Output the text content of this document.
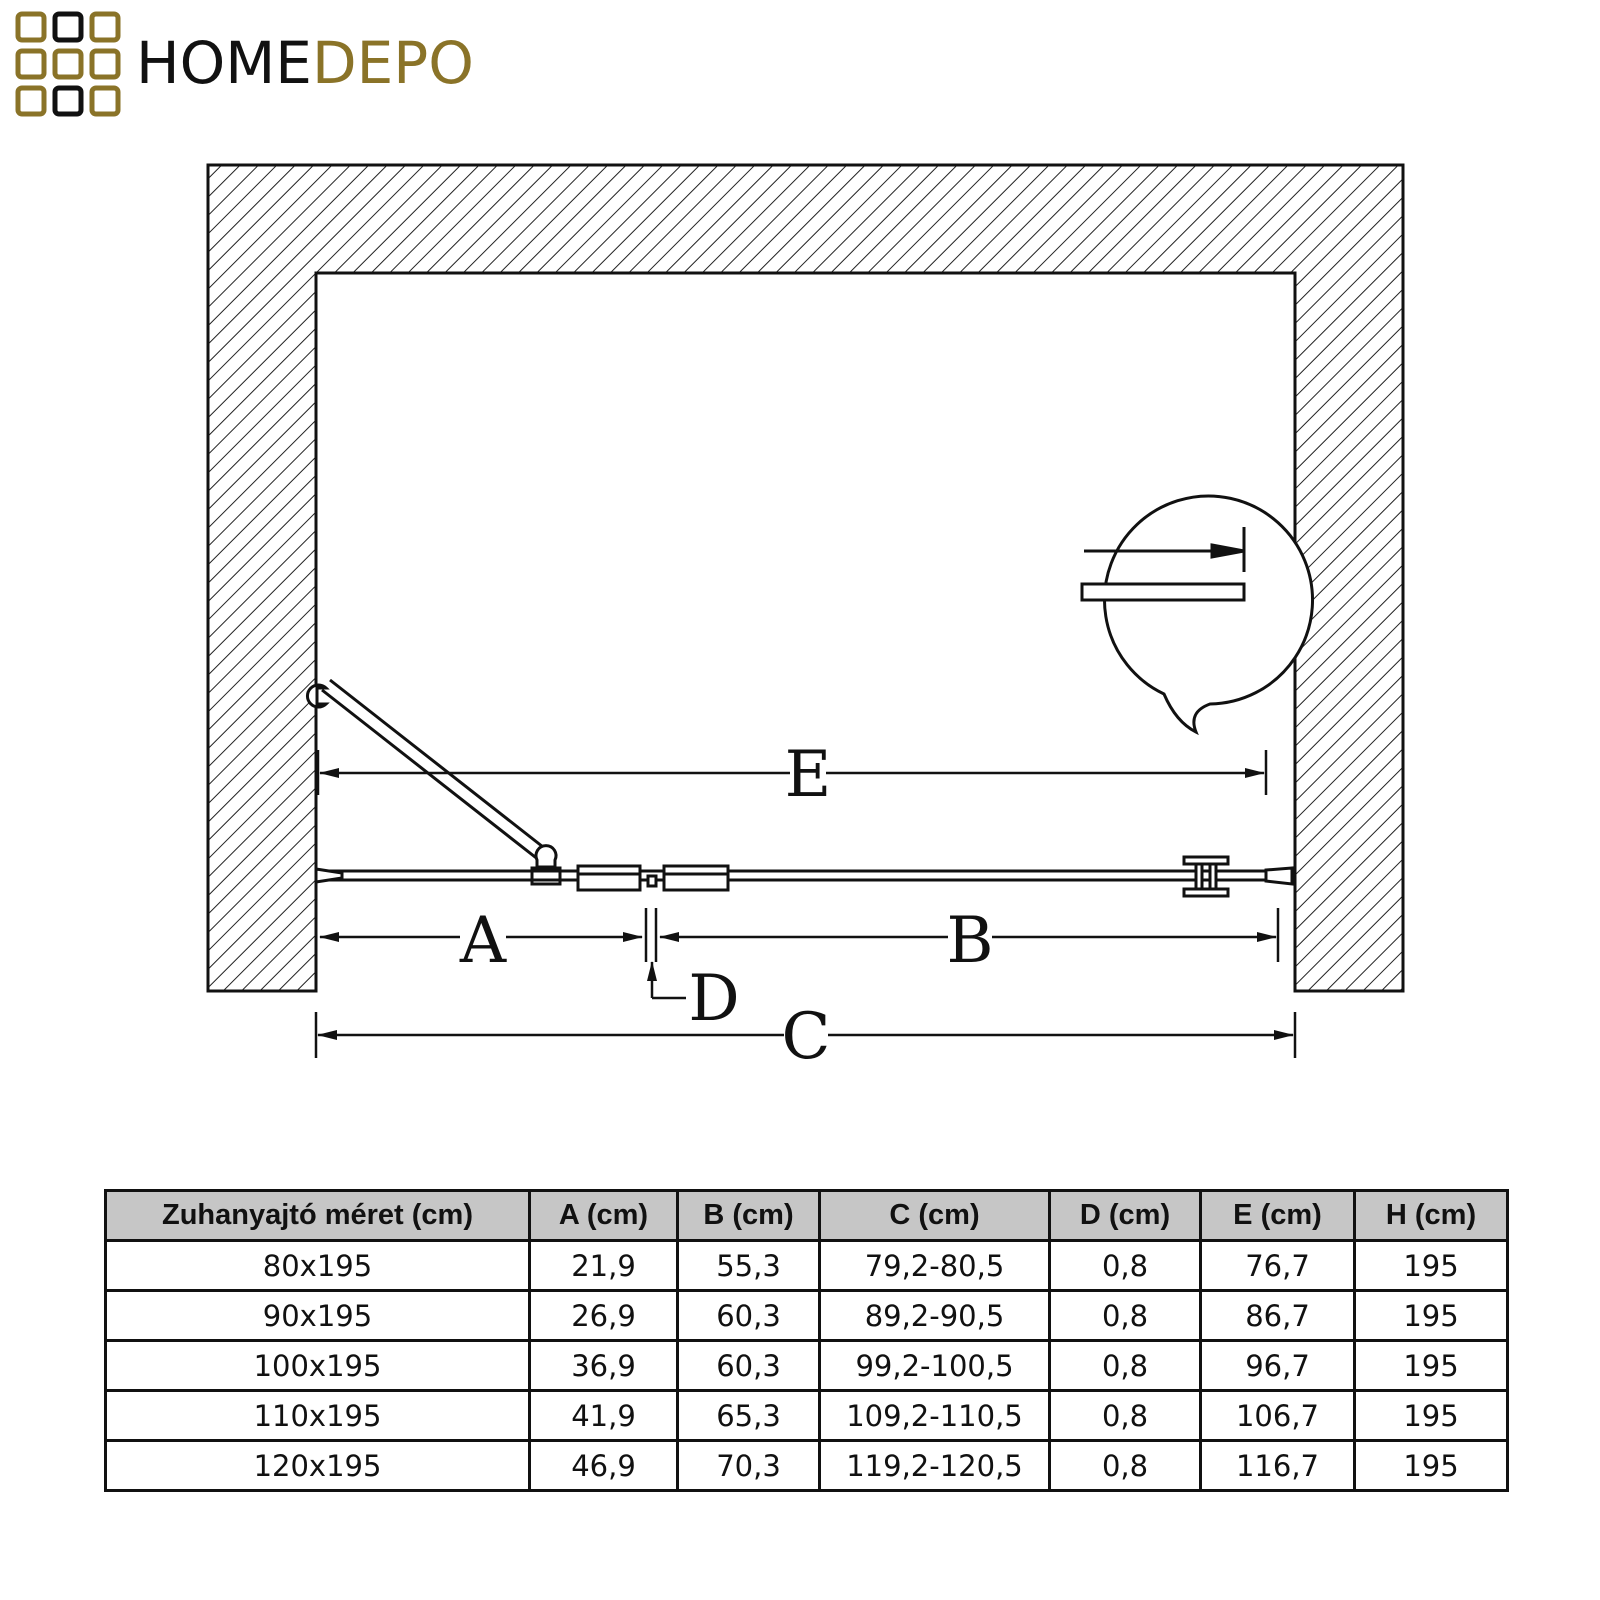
HOMEDEPO
E
A	B
D
C
Zuhanyajtó méret (cm)	A (cm)	B (cm)	C (cm)	D (cm)	E (cm)	H (cm)
80x195	21,9	55,3	79,2-80,5	0,8	76,7	195
90x195	26,9	60,3	89,2-90,5	0,8	86,7	195
100x195	36,9	60,3	99,2-100,5	0,8	96,7	195
110x195	41,9	65,3	109,2-110,5	0,8	106,7	195
120x195	46,9	70,3	119,2-120,5	0,8	116,7	195
